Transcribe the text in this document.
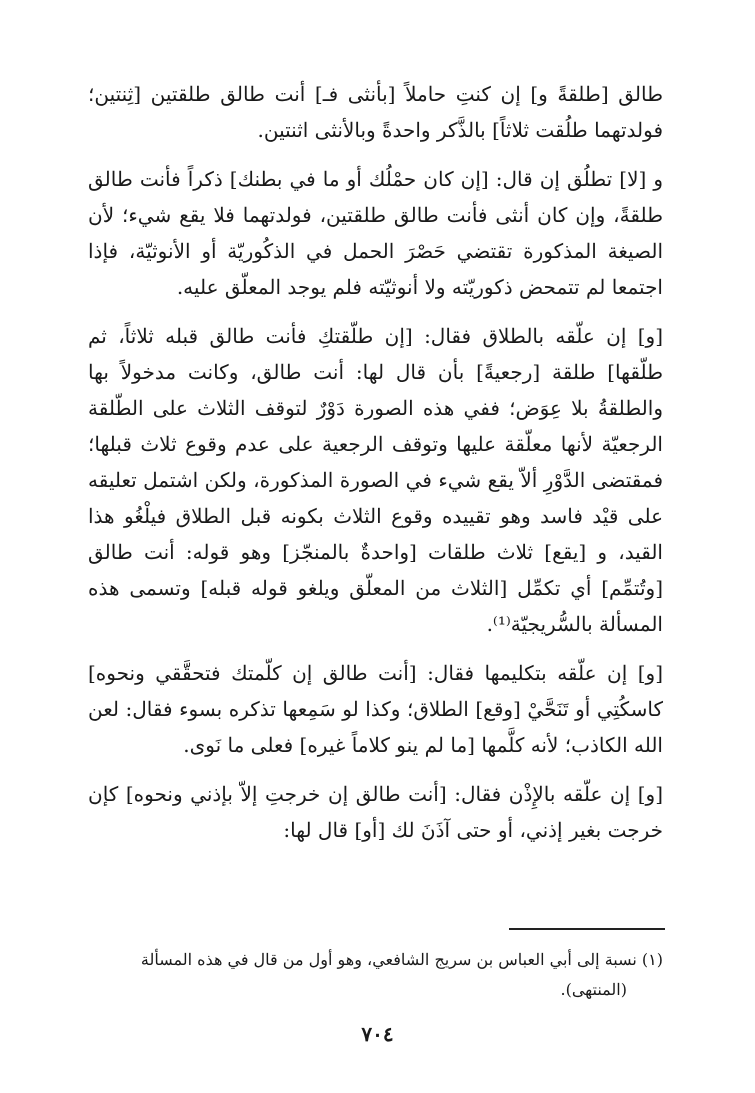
طالق [طلقةً و] إن كنتِ حاملاً [بأنثى فـ] أنت طالق طلقتين [ثِنتين؛ فولدتهما طلُقت ثلاثاً] بالذَّكر واحدةً وبالأنثى اثنتين.

و [لا] تطلُق إن قال: [إن كان حمْلُك أو ما في بطنك] ذكراً فأنت طالق طلقةً، وإن كان أنثى فأنت طالق طلقتين، فولدتهما فلا يقع شيء؛ لأن الصيغة المذكورة تقتضي حَصْرَ الحمل في الذكُوريّة أو الأنوثيّة، فإذا اجتمعا لم تتمحض ذكوريّته ولا أنوثيّته فلم يوجد المعلّق عليه.

[و] إن علّقه بالطلاق فقال: [إن طلّقتكِ فأنت طالق قبله ثلاثاً، ثم طلّقها] طلقة [رجعيةً] بأن قال لها: أنت طالق، وكانت مدخولاً بها والطلقةُ بلا عِوَض؛ ففي هذه الصورة دَوْرٌ لتوقف الثلاث على الطّلقة الرجعيّة لأنها معلّقة عليها وتوقف الرجعية على عدم وقوع ثلاث قبلها؛ فمقتضى الدَّوْرِ ألاّ يقع شيء في الصورة المذكورة، ولكن اشتمل تعليقه على قيْد فاسد وهو تقييده وقوع الثلاث بكونه قبل الطلاق فيلْغُو هذا القيد، و [يقع] ثلاث طلقات [واحدةٌ بالمنجّز] وهو قوله: أنت طالق [وتُتمِّم] أي تكمِّل [الثلاث من المعلّق ويلغو قوله قبله] وتسمى هذه المسألة بالسُّريجيّة⁽¹⁾.

[و] إن علّقه بتكليمها فقال: [أنت طالق إن كلّمتك فتحقَّقي ونحوه] كاسكُتِي أو تَنَحَّيْ [وقع] الطلاق؛ وكذا لو سَمِعها تذكره بسوء فقال: لعن الله الكاذب؛ لأنه كلَّمها [ما لم ينو كلاماً غيره] فعلى ما نَوى.

[و] إن علّقه بالإِذْن فقال: [أنت طالق إن خرجتِ إلاّ بإذني ونحوه] كإن خرجت بغير إذني، أو حتى آذَنَ لك [أو] قال لها:

(١) نسبة إلى أبي العباس بن سريج الشافعي، وهو أول من قال في هذه المسألة
(المنتهى).
٧٠٤
